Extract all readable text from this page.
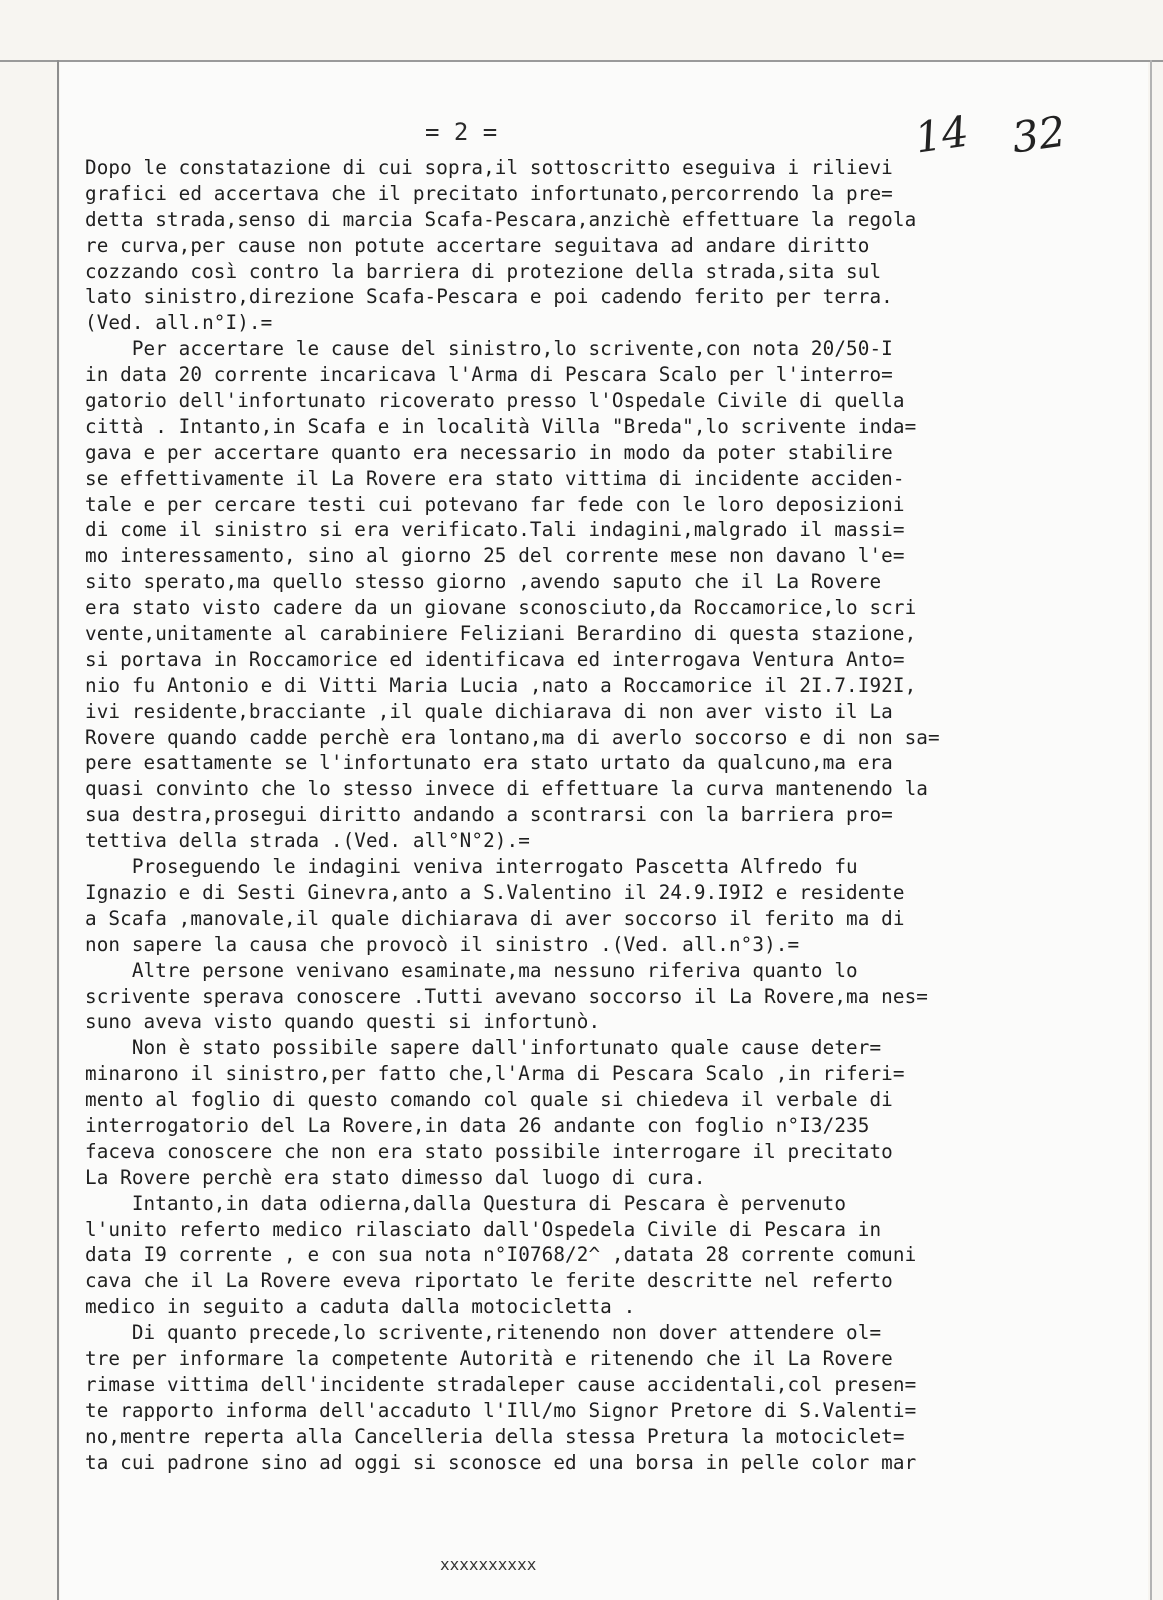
= 2 =	14 32
Dopo le constatazione di cui sopra,il sottoscritto eseguiva i rilievi
grafici ed accertava che il precitato infortunato,percorrendo la pre=
detta strada,senso di marcia Scafa-Pescara,anzichè effettuare la regola
re curva,per cause non potute accertare seguitava ad andare diritto
cozzando così contro la barriera di protezione della strada,sita sul
lato sinistro,direzione Scafa-Pescara e poi cadendo ferito per terra.
(Ved. all.n°I).=
Per accertare le cause del sinistro,lo scrivente,con nota 20/50-I
in data 20 corrente incaricava l'Arma di Pescara Scalo per l'interro=
gatorio dell'infortunato ricoverato presso l'Ospedale Civile di quella
città . Intanto,in Scafa e in località Villa "Breda",lo scrivente inda=
gava e per accertare quanto era necessario in modo da poter stabilire
se effettivamente il La Rovere era stato vittima di incidente acciden-
tale e per cercare testi cui potevano far fede con le loro deposizioni
di come il sinistro si era verificato.Tali indagini,malgrado il massi=
mo interessamento, sino al giorno 25 del corrente mese non davano l'e=
sito sperato,ma quello stesso giorno ,avendo saputo che il La Rovere
era stato visto cadere da un giovane sconosciuto,da Roccamorice,lo scri
vente,unitamente al carabiniere Feliziani Berardino di questa stazione,
si portava in Roccamorice ed identificava ed interrogava Ventura Anto=
nio fu Antonio e di Vitti Maria Lucia ,nato a Roccamorice il 2I.7.I92I,
ivi residente,bracciante ,il quale dichiarava di non aver visto il La
Rovere quando cadde perchè era lontano,ma di averlo soccorso e di non sa=
pere esattamente se l'infortunato era stato urtato da qualcuno,ma era
quasi convinto che lo stesso invece di effettuare la curva mantenendo la
sua destra,prosegui diritto andando a scontrarsi con la barriera pro=
tettiva della strada .(Ved. all°N°2).=
Proseguendo le indagini veniva interrogato Pascetta Alfredo fu
Ignazio e di Sesti Ginevra,anto a S.Valentino il 24.9.I9I2 e residente
a Scafa ,manovale,il quale dichiarava di aver soccorso il ferito ma di
non sapere la causa che provocò il sinistro .(Ved. all.n°3).=
Altre persone venivano esaminate,ma nessuno riferiva quanto lo
scrivente sperava conoscere .Tutti avevano soccorso il La Rovere,ma nes=
suno aveva visto quando questi si infortunò.
Non è stato possibile sapere dall'infortunato quale cause deter=
minarono il sinistro,per fatto che,l'Arma di Pescara Scalo ,in riferi=
mento al foglio di questo comando col quale si chiedeva il verbale di
interrogatorio del La Rovere,in data 26 andante con foglio n°I3/235
faceva conoscere che non era stato possibile interrogare il precitato
La Rovere perchè era stato dimesso dal luogo di cura.
Intanto,in data odierna,dalla Questura di Pescara è pervenuto
l'unito referto medico rilasciato dall'Ospedela Civile di Pescara in
data I9 corrente , e con sua nota n°I0768/2^ ,datata 28 corrente comuni
cava che il La Rovere eveva riportato le ferite descritte nel referto
medico in seguito a caduta dalla motocicletta .
Di quanto precede,lo scrivente,ritenendo non dover attendere ol=
tre per informare la competente Autorità e ritenendo che il La Rovere
rimase vittima dell'incidente stradaleper cause accidentali,col presen=
te rapporto informa dell'accaduto l'Ill/mo Signor Pretore di S.Valenti=
no,mentre reperta alla Cancelleria della stessa Pretura la motociclet=
ta cui padrone sino ad oggi si sconosce ed una borsa in pelle color mar
xxxxxxxxxx
